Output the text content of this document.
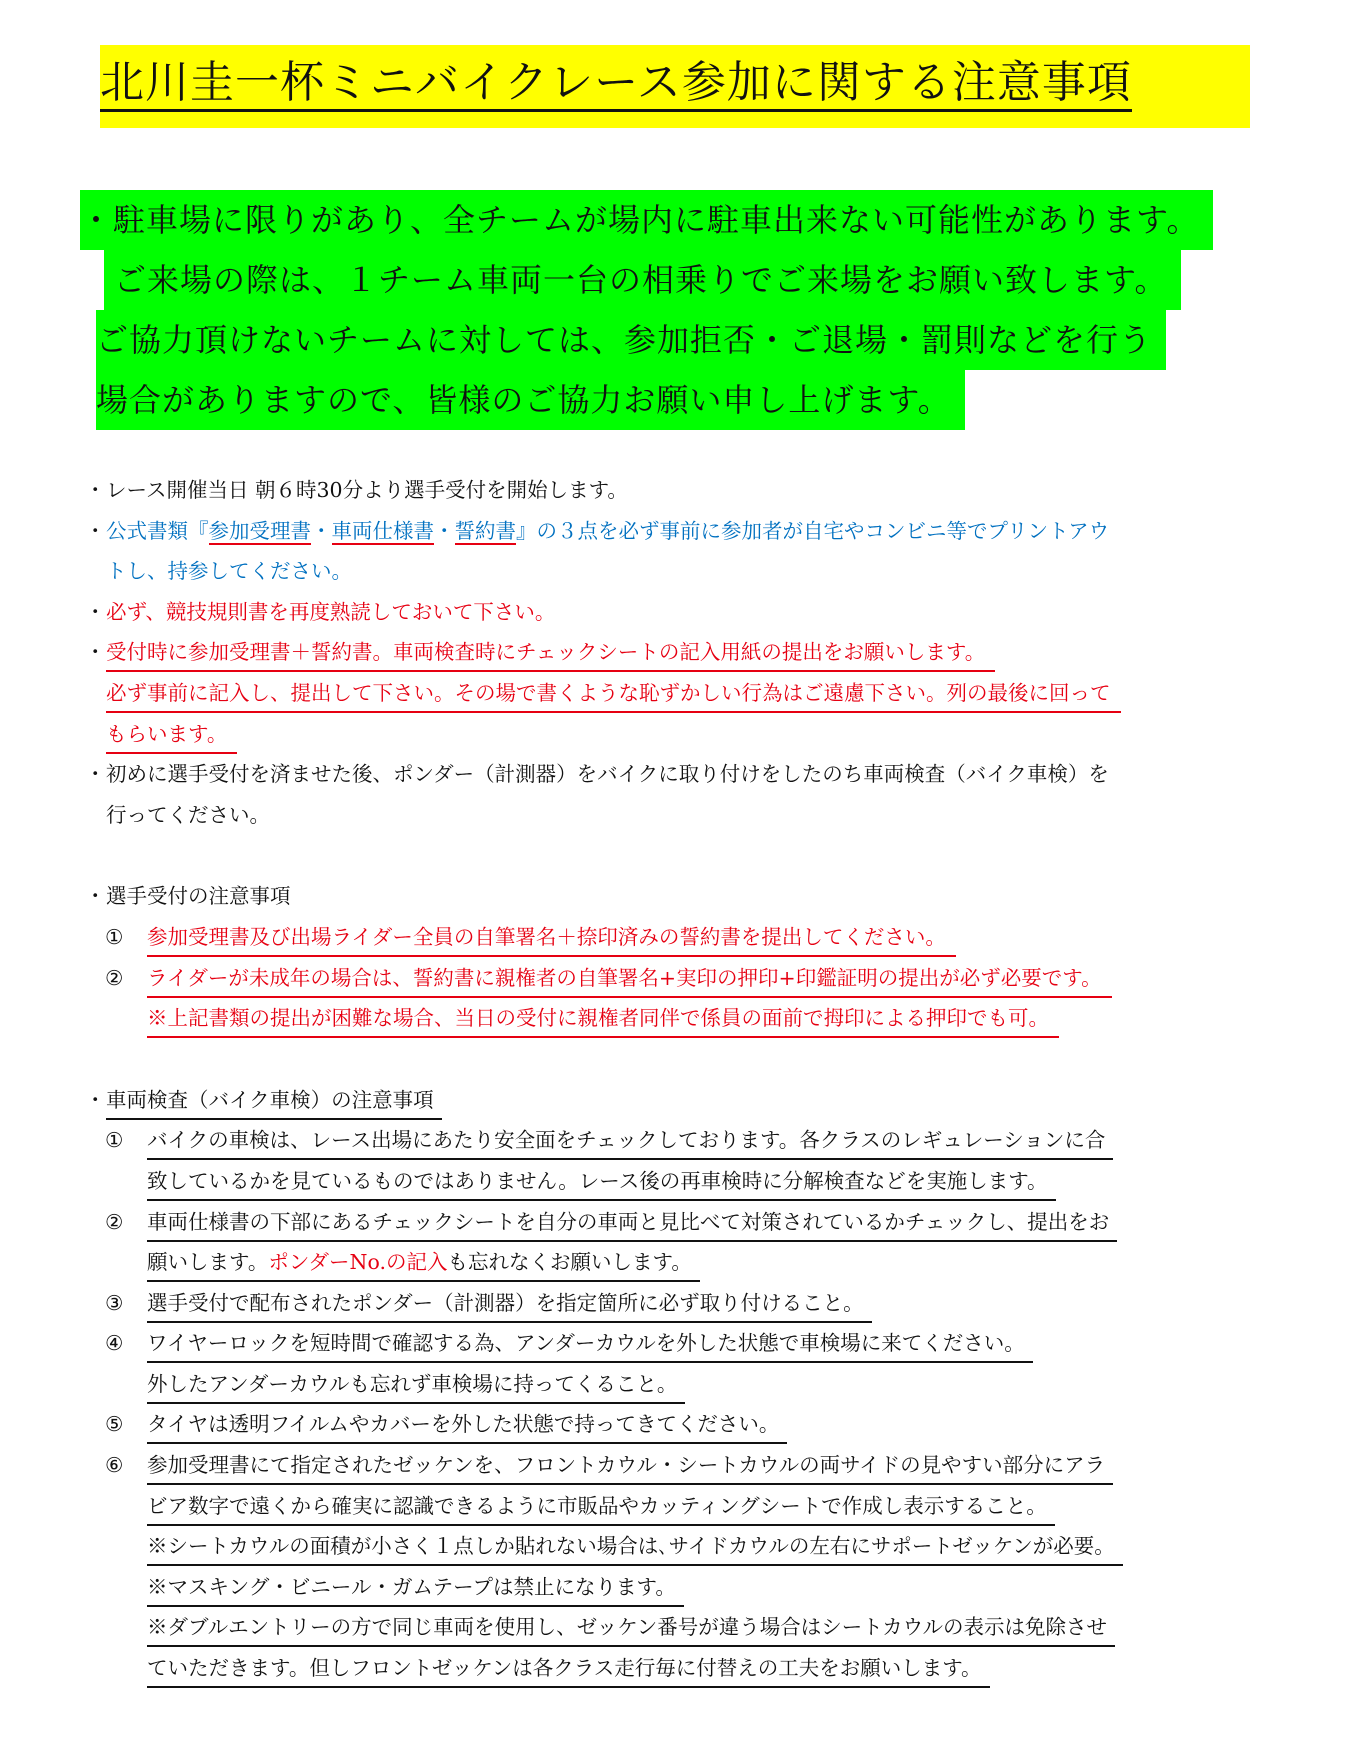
北川圭一杯ミニバイクレース参加に関する注意事項
・駐車場に限りがあり、全チームが場内に駐車出来ない可能性があります。
ご来場の際は、１チーム車両一台の相乗りでご来場をお願い致します。
ご協力頂けないチームに対しては、参加拒否・ご退場・罰則などを行う
場合がありますので、皆様のご協力お願い申し上げます。
・ レース開催当日 朝６時30分より選手受付を開始します。
・ 公式書類『参加受理書・車両仕様書・誓約書』の３点を必ず事前に参加者が自宅やコンビニ等でプリントアウ
トし、持参してください。
・ 必ず、競技規則書を再度熟読しておいて下さい。
・ 受付時に参加受理書＋誓約書。車両検査時にチェックシートの記入用紙の提出をお願いします。
必ず事前に記入し、提出して下さい。その場で書くような恥ずかしい行為はご遠慮下さい。列の最後に回って
もらいます。
・ 初めに選手受付を済ませた後、ポンダー（計測器）をバイクに取り付けをしたのち車両検査（バイク車検）を
行ってください。
・ 選手受付の注意事項
① 参加受理書及び出場ライダー全員の自筆署名＋捺印済みの誓約書を提出してください。
② ライダーが未成年の場合は、誓約書に親権者の自筆署名+実印の押印+印鑑証明の提出が必ず必要です。
※上記書類の提出が困難な場合、当日の受付に親権者同伴で係員の面前で拇印による押印でも可。
・ 車両検査（バイク車検）の注意事項
① バイクの車検は、レース出場にあたり安全面をチェックしております。各クラスのレギュレーションに合
致しているかを見ているものではありません。レース後の再車検時に分解検査などを実施します。
② 車両仕様書の下部にあるチェックシートを自分の車両と見比べて対策されているかチェックし、提出をお
願いします。ポンダーNo.の記入も忘れなくお願いします。
③ 選手受付で配布されたポンダー（計測器）を指定箇所に必ず取り付けること。
④ ワイヤーロックを短時間で確認する為、アンダーカウルを外した状態で車検場に来てください。
外したアンダーカウルも忘れず車検場に持ってくること。
⑤ タイヤは透明フイルムやカバーを外した状態で持ってきてください。
⑥ 参加受理書にて指定されたゼッケンを、フロントカウル・シートカウルの両サイドの見やすい部分にアラ
ビア数字で遠くから確実に認識できるように市販品やカッティングシートで作成し表示すること。
※シートカウルの面積が小さく１点しか貼れない場合は､サイドカウルの左右にサポートゼッケンが必要。
※マスキング・ビニール・ガムテープは禁止になります。
※ダブルエントリーの方で同じ車両を使用し、ゼッケン番号が違う場合はシートカウルの表示は免除させ
ていただきます。但しフロントゼッケンは各クラス走行毎に付替えの工夫をお願いします。
